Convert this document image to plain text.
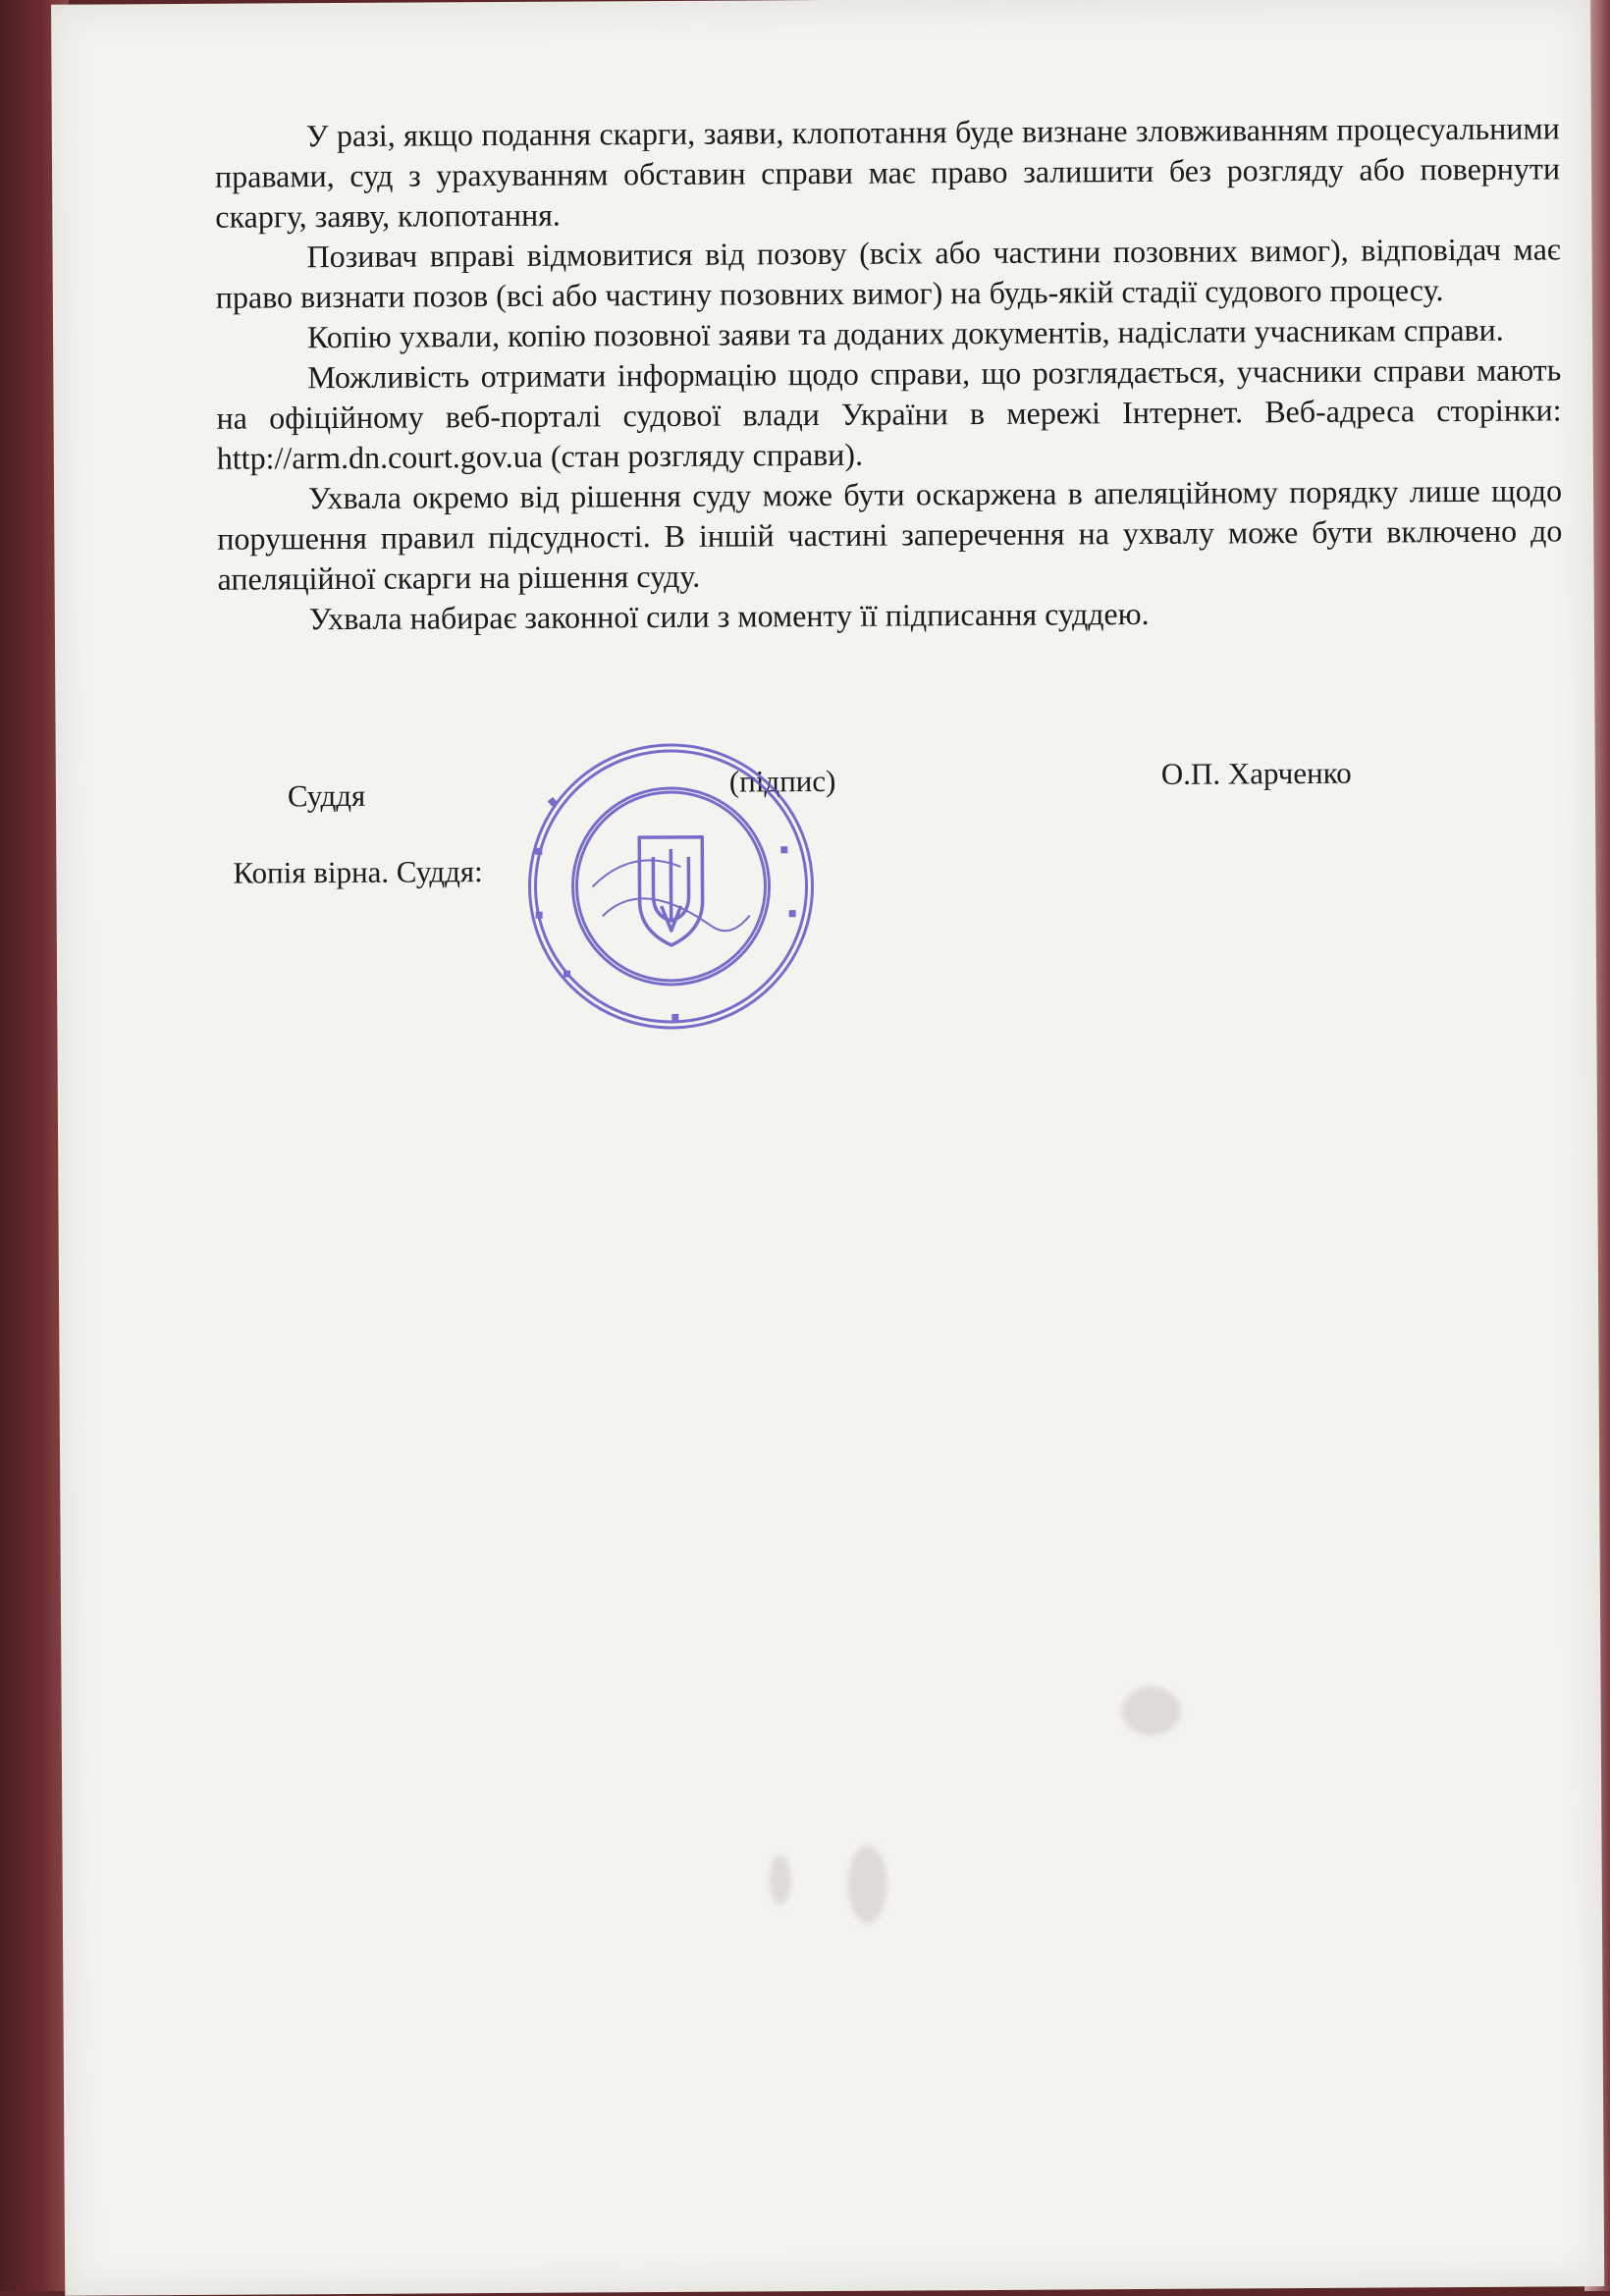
У разі, якщо подання скарги, заяви, клопотання буде визнане зловживанням процесуальними правами, суд з урахуванням обставин справи має право залишити без розгляду або повернути скаргу, заяву, клопотання.

Позивач вправі відмовитися від позову (всіх або частини позовних вимог), відповідач має право визнати позов (всі або частину позовних вимог) на будь-якій стадії судового процесу.

Копію ухвали, копію позовної заяви та доданих документів, надіслати учасникам справи.

Можливість отримати інформацію щодо справи, що розглядається, учасники справи мають на офіційному веб-порталі судової влади України в мережі Інтернет. Веб-адреса сторінки: http://arm.dn.court.gov.ua (стан розгляду справи).

Ухвала окремо від рішення суду може бути оскаржена в апеляційному порядку лише щодо порушення правил підсудності. В іншій частині заперечення на ухвалу може бути включено до апеляційної скарги на рішення суду.

Ухвала набирає законної сили з моменту її підписання суддею.

Суддя	(підпис)	О.П. Харченко
Копія вірна. Суддя:
